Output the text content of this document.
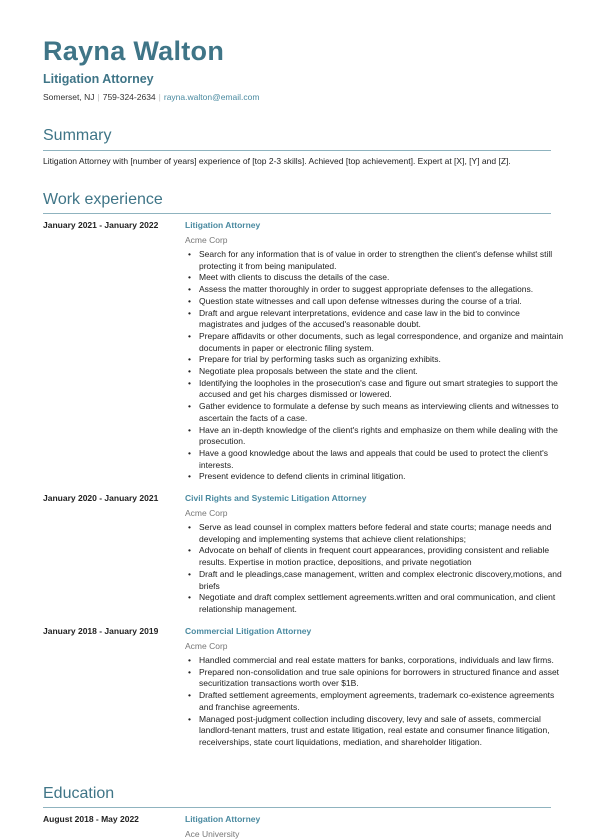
Rayna Walton
Litigation Attorney
Somerset, NJ | 759-324-2634 | rayna.walton@email.com
Summary
Litigation Attorney with [number of years] experience of [top 2-3 skills]. Achieved [top achievement]. Expert at [X], [Y] and [Z].
Work experience
January 2021 - January 2022	Litigation Attorney
Acme Corp
• Search for any information that is of value in order to strengthen the client's defense whilst still protecting it from being manipulated.
• Meet with clients to discuss the details of the case.
• Assess the matter thoroughly in order to suggest appropriate defenses to the allegations.
• Question state witnesses and call upon defense witnesses during the course of a trial.
• Draft and argue relevant interpretations, evidence and case law in the bid to convince magistrates and judges of the accused's reasonable doubt.
• Prepare affidavits or other documents, such as legal correspondence, and organize and maintain documents in paper or electronic filing system.
• Prepare for trial by performing tasks such as organizing exhibits.
• Negotiate plea proposals between the state and the client.
• Identifying the loopholes in the prosecution's case and figure out smart strategies to support the accused and get his charges dismissed or lowered.
• Gather evidence to formulate a defense by such means as interviewing clients and witnesses to ascertain the facts of a case.
• Have an in-depth knowledge of the client's rights and emphasize on them while dealing with the prosecution.
• Have a good knowledge about the laws and appeals that could be used to protect the client's interests.
• Present evidence to defend clients in criminal litigation.
January 2020 - January 2021	Civil Rights and Systemic Litigation Attorney
Acme Corp
• Serve as lead counsel in complex matters before federal and state courts; manage needs and developing and implementing systems that achieve client relationships;
• Advocate on behalf of clients in frequent court appearances, providing consistent and reliable results. Expertise in motion practice, depositions, and private negotiation
• Draft and le pleadings,case management, written and complex electronic discovery,motions, and briefs
• Negotiate and draft complex settlement agreements.written and oral communication, and client relationship management.
January 2018 - January 2019	Commercial Litigation Attorney
Acme Corp
• Handled commercial and real estate matters for banks, corporations, individuals and law firms.
• Prepared non-consolidation and true sale opinions for borrowers in structured finance and asset securitization transactions worth over $1B.
• Drafted settlement agreements, employment agreements, trademark co-existence agreements and franchise agreements.
• Managed post-judgment collection including discovery, levy and sale of assets, commercial landlord-tenant matters, trust and estate litigation, real estate and consumer finance litigation, receiverships, state court liquidations, mediation, and shareholder litigation.
Education
August 2018 - May 2022	Litigation Attorney
Ace University
